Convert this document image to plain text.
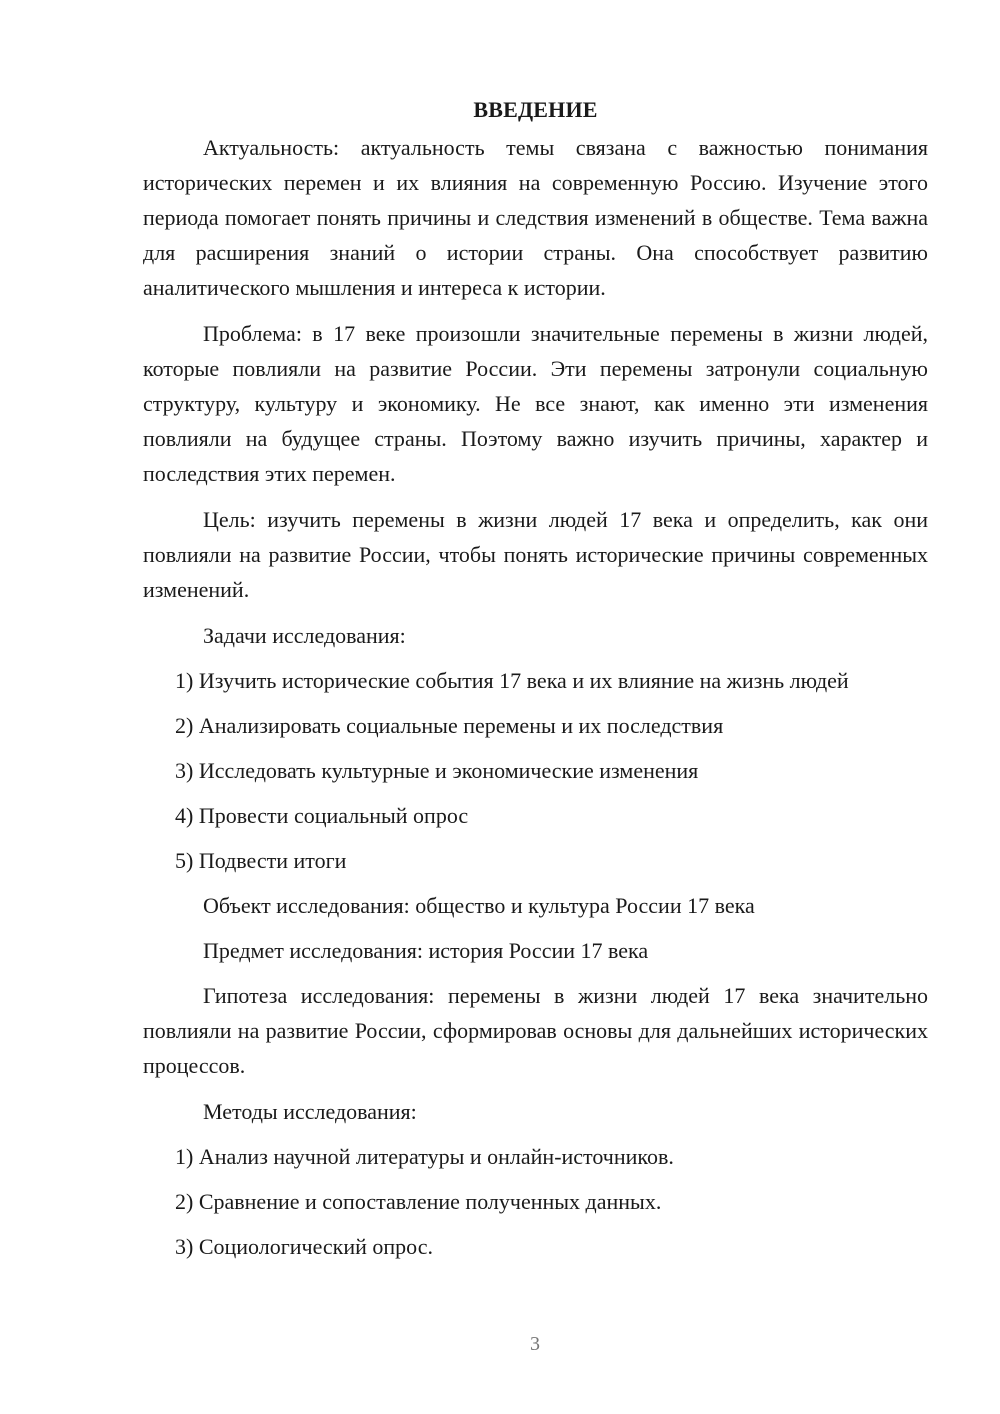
ВВЕДЕНИЕ

Актуальность: актуальность темы связана с важностью понимания исторических перемен и их влияния на современную Россию. Изучение этого периода помогает понять причины и следствия изменений в обществе. Тема важна для расширения знаний о истории страны. Она способствует развитию аналитического мышления и интереса к истории.

Проблема: в 17 веке произошли значительные перемены в жизни людей, которые повлияли на развитие России. Эти перемены затронули социальную структуру, культуру и экономику. Не все знают, как именно эти изменения повлияли на будущее страны. Поэтому важно изучить причины, характер и последствия этих перемен.

Цель: изучить перемены в жизни людей 17 века и определить, как они повлияли на развитие России, чтобы понять исторические причины современных изменений.

Задачи исследования:
1) Изучить исторические события 17 века и их влияние на жизнь людей
2) Анализировать социальные перемены и их последствия
3) Исследовать культурные и экономические изменения
4) Провести социальный опрос
5) Подвести итоги
Объект исследования: общество и культура России 17 века
Предмет исследования: история России 17 века

Гипотеза исследования: перемены в жизни людей 17 века значительно повлияли на развитие России, сформировав основы для дальнейших исторических процессов.

Методы исследования:
1) Анализ научной литературы и онлайн-источников.
2) Сравнение и сопоставление полученных данных.
3) Социологический опрос.
3
